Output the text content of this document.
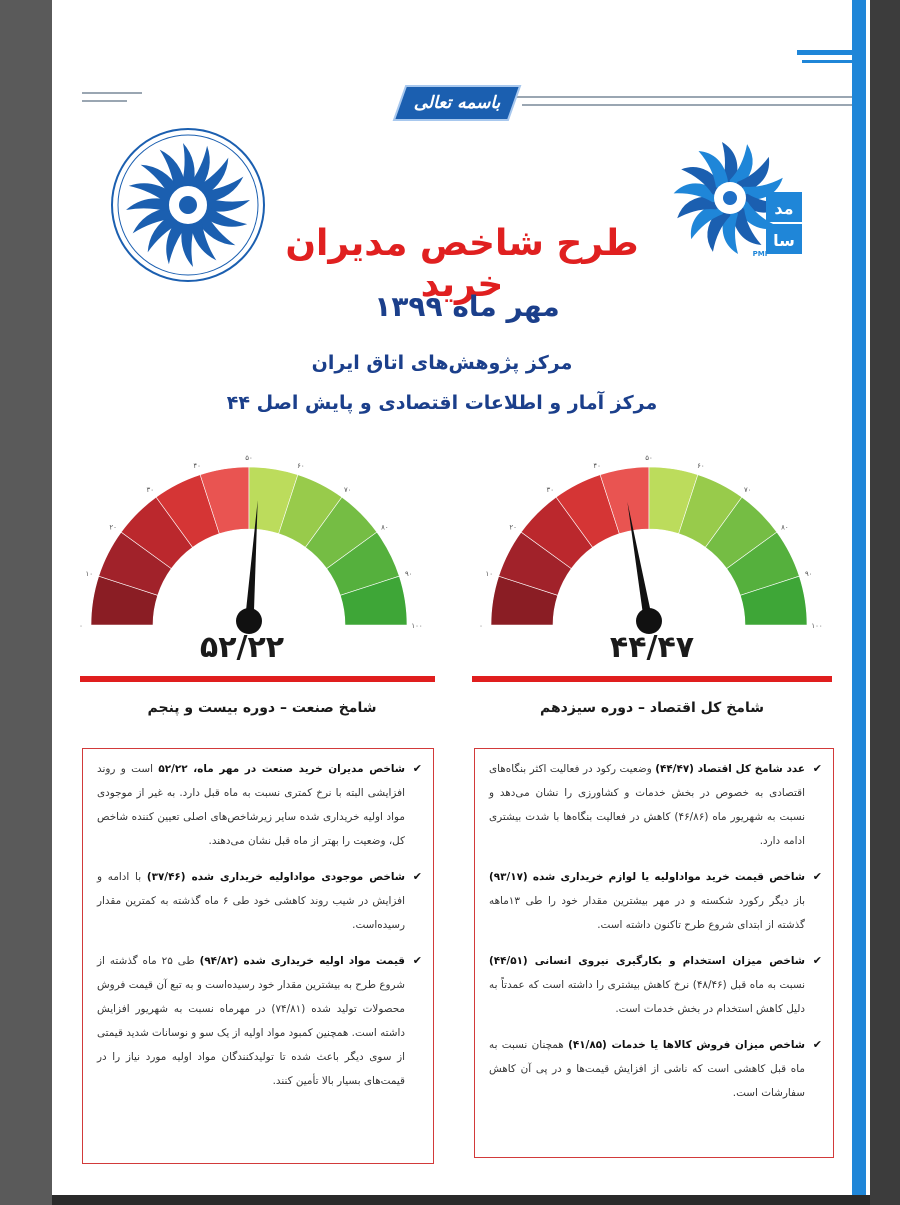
باسمه تعالی
مد
سا
PMI
طرح شاخص مدیران خرید
مهر ماه ۱۳۹۹
مرکز پژوهش‌های اتاق ایران
مرکز آمار و اطلاعات اقتصادی و پایش اصل ۴۴
۰
۱۰
۲۰
۳۰
۴۰
۵۰
۶۰
۷۰
۸۰
۹۰
۱۰۰	۰
۱۰
۲۰
۳۰
۴۰
۵۰
۶۰
۷۰
۸۰
۹۰
۱۰۰
۵۲/۲۲	۴۴/۴۷
شامخ صنعت – دوره بیست و پنجم	شامخ کل اقتصاد – دوره سیزدهم
✔
شاخص مدیران خرید صنعت در مهر ماه، ۵۲/۲۲ است و روند افزایشی البته با نرخ کمتری نسبت به ماه قبل دارد. به غیر از موجودی مواد اولیه خریداری شده سایر زیرشاخص‌های اصلی تعیین کننده شاخص کل، وضعیت را بهتر از ماه قبل نشان می‌دهند.
✔
شاخص موجودی مواداولیه خریداری شده (۳۷/۴۶) با ادامه و افزایش در شیب روند کاهشی خود طی ۶ ماه گذشته به کمترین مقدار رسیده‌است.
✔
قیمت مواد اولیه خریداری شده (۹۴/۸۲) طی ۲۵ ماه گذشته از شروع طرح به بیشترین مقدار خود رسیده‌است و به تبع آن قیمت فروش محصولات تولید شده (۷۴/۸۱) در مهرماه نسبت به شهریور افزایش داشته است. همچنین کمبود مواد اولیه از یک سو و نوسانات شدید قیمتی از سوی دیگر باعث شده تا تولیدکنندگان مواد اولیه مورد نیاز را در قیمت‌های بسیار بالا تأمین کنند.
✔
عدد شامخ کل اقتصاد (۴۴/۴۷) وضعیت رکود در فعالیت اکثر بنگاه‌های اقتصادی به خصوص در بخش خدمات و کشاورزی را نشان می‌دهد و نسبت به شهریور ماه (۴۶/۸۶) کاهش در فعالیت بنگاه‌ها با شدت بیشتری ادامه دارد.
✔
شاخص قیمت خرید مواداولیه یا لوازم خریداری شده (۹۳/۱۷) باز دیگر رکورد شکسته و در مهر بیشترین مقدار خود را طی ۱۳ماهه گذشته از ابتدای شروع طرح تاکنون داشته است.
✔
شاخص میزان استخدام و بکارگیری نیروی انسانی (۴۴/۵۱) نسبت به ماه قبل (۴۸/۴۶) نرخ کاهش بیشتری را داشته است که عمدتاً به دلیل کاهش استخدام در بخش خدمات است.
✔
شاخص میزان فروش کالاها یا خدمات (۴۱/۸۵) همچنان نسبت به ماه قبل کاهشی است که ناشی از افزایش قیمت‌ها و در پی آن کاهش سفارشات است.
